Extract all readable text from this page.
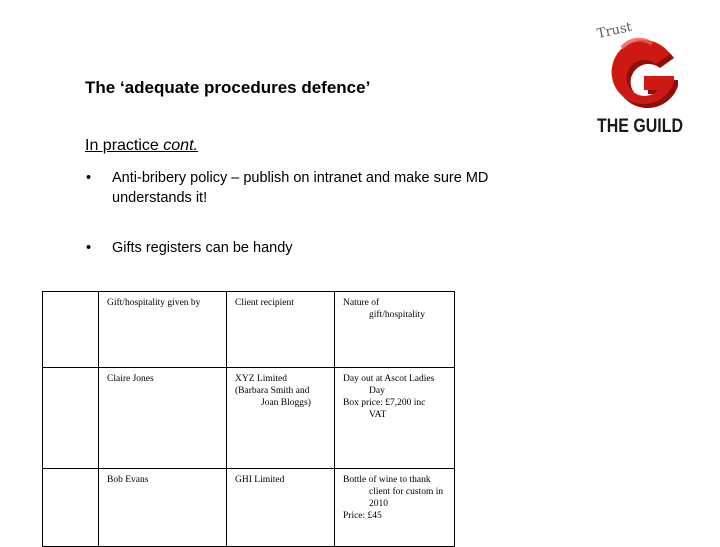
Trust
THE GUILD
The ‘adequate procedures defence’
In practice cont.
• Anti-bribery policy – publish on intranet and make sure MD understands it!
• Gifts registers can be handy
	Gift/hospitality given by	Client recipient	Nature of
gift/hospitality

	Claire Jones	XYZ Limited
(Barbara Smith and
Joan Bloggs)	Day out at Ascot Ladies
Day
Box price: £7,200 inc
VAT

	Bob Evans	GHI Limited	Bottle of wine to thank
client for custom in
2010
Price: £45
